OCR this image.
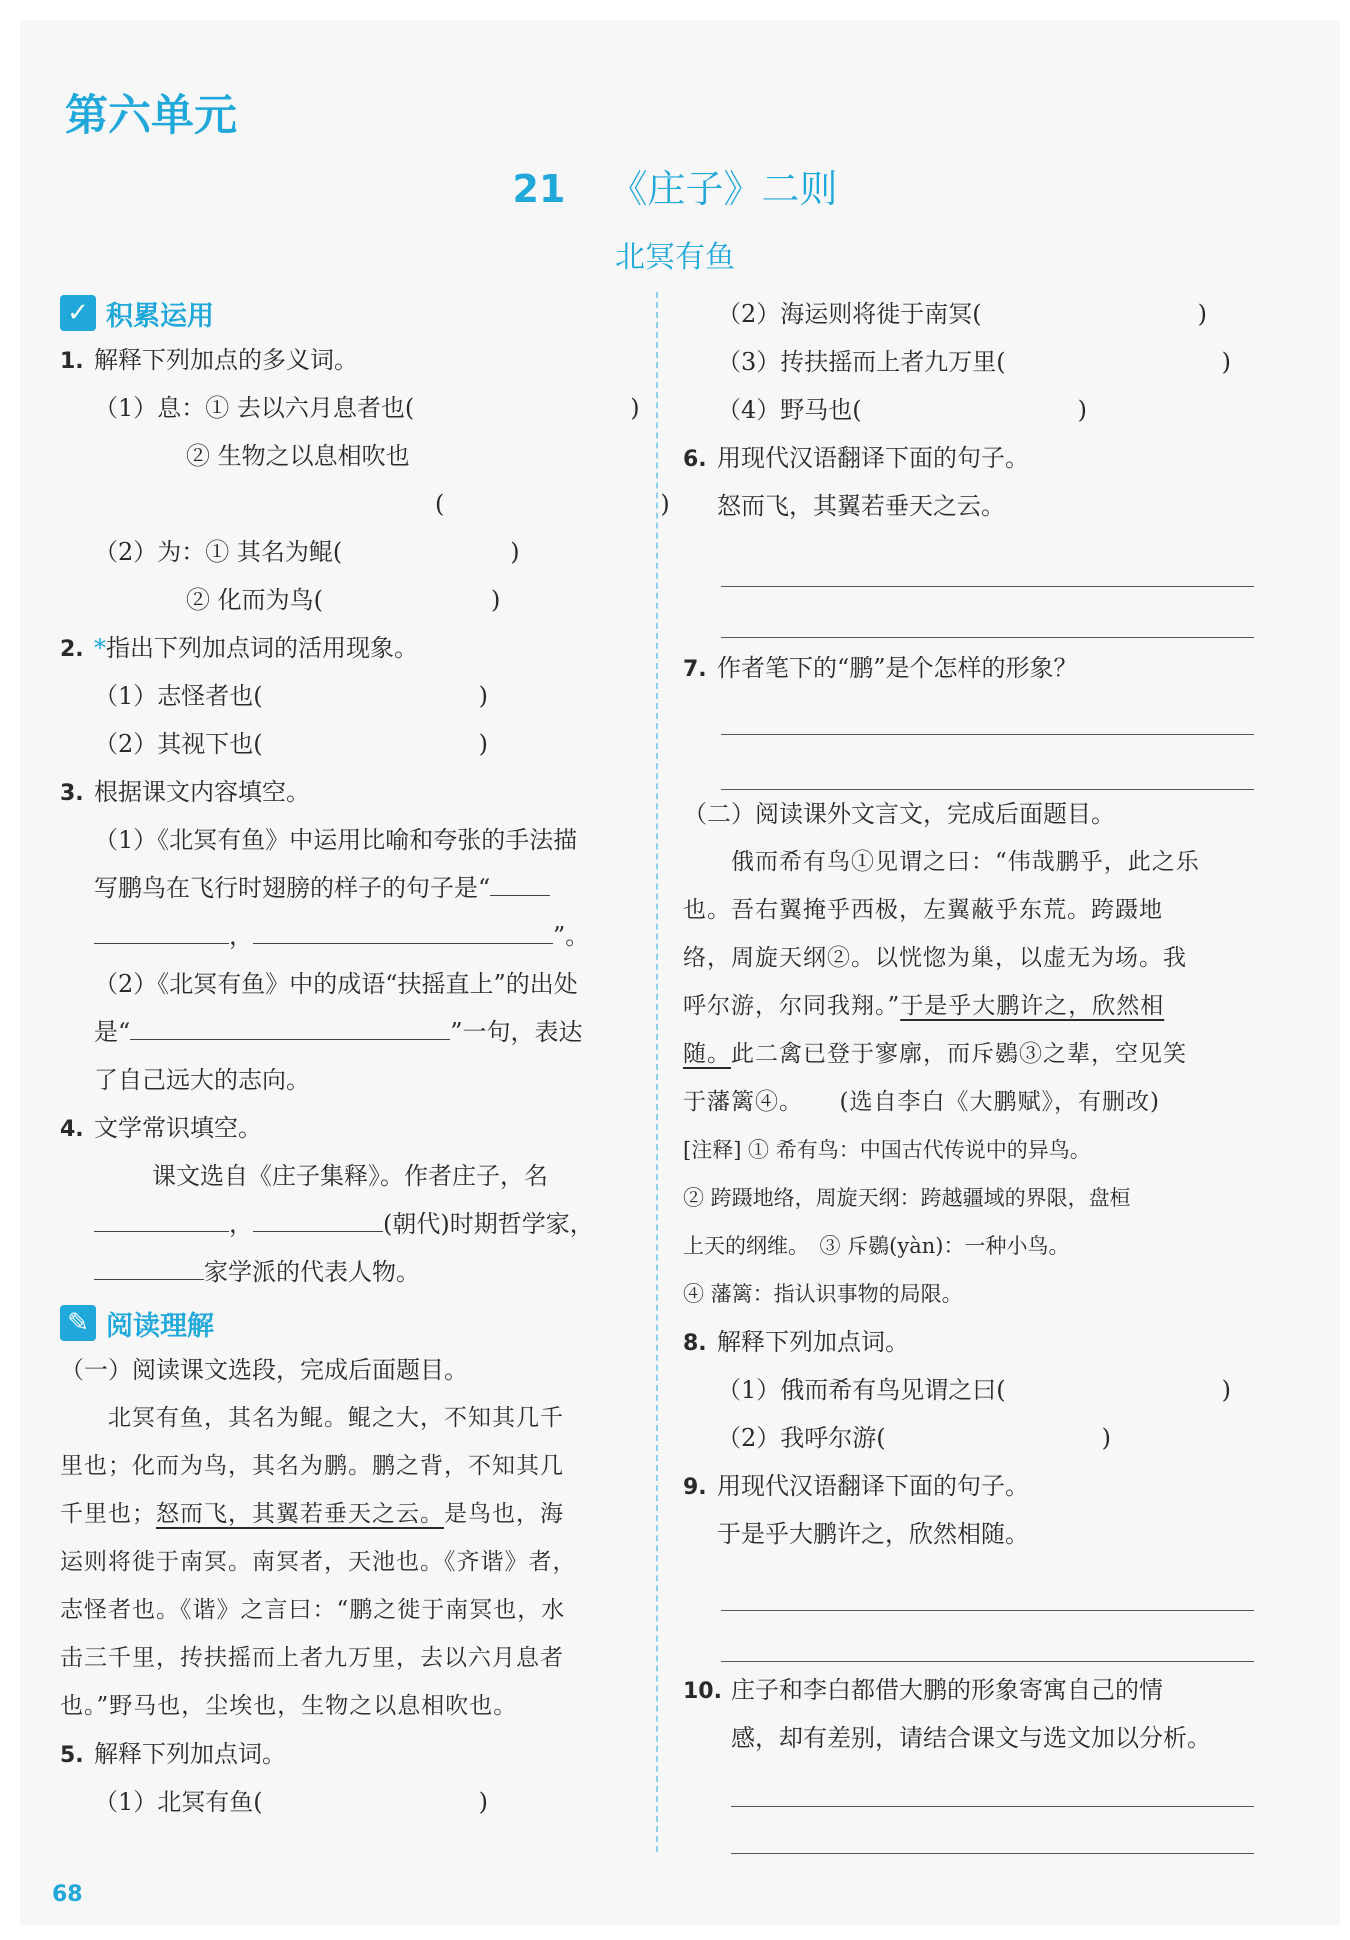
第六单元
21 《庄子》二则
北冥有鱼
✓ 积累运用
1. 解释下列加点的多义词。
（1）息：① 去以六月息者也(　　　　　　　　　)
② 生物之以息相吹也
(　　　　　　　　　)
（2）为：① 其名为鲲(　　　　　　　)
② 化而为鸟(　　　　　　　)
2. *指出下列加点词的活用现象。
（1）志怪者也(　　　　　　　　　)
（2）其视下也(　　　　　　　　　)
3. 根据课文内容填空。
（1）《北冥有鱼》中运用比喻和夸张的手法描
写鹏鸟在飞行时翅膀的样子的句子是“
，	”。
（2）《北冥有鱼》中的成语“扶摇直上”的出处
是“	”一句，表达
了自己远大的志向。
4. 文学常识填空。
课文选自《庄子集释》。作者庄子，名
，	(朝代)时期哲学家，
家学派的代表人物。
✎ 阅读理解
（一）阅读课文选段，完成后面题目。
北冥有鱼，其名为鲲。鲲之大，不知其几千
里也；化而为鸟，其名为鹏。鹏之背，不知其几
千里也；怒而飞，其翼若垂天之云。是鸟也，海
运则将徙于南冥。南冥者，天池也。《齐谐》者，
志怪者也。《谐》之言曰：“鹏之徙于南冥也，水
击三千里，抟扶摇而上者九万里，去以六月息者
也。”野马也，尘埃也，生物之以息相吹也。
5. 解释下列加点词。
（1）北冥有鱼(　　　　　　　　　)
（2）海运则将徙于南冥(　　　　　　　　　)
（3）抟扶摇而上者九万里(　　　　　　　　　)
（4）野马也(　　　　　　　　　)
6. 用现代汉语翻译下面的句子。
怒而飞，其翼若垂天之云。
7. 作者笔下的“鹏”是个怎样的形象？
（二）阅读课外文言文，完成后面题目。
俄而希有鸟①见谓之曰：“伟哉鹏乎，此之乐
也。吾右翼掩乎西极，左翼蔽乎东荒。跨蹑地
络，周旋天纲②。以恍惚为巢，以虚无为场。我
呼尔游，尔同我翔。”于是乎大鹏许之，欣然相
随。此二禽已登于寥廓，而斥鷃③之辈，空见笑
于藩篱④。　　(选自李白《大鹏赋》，有删改)
[注释] ① 希有鸟：中国古代传说中的异鸟。
② 跨蹑地络，周旋天纲：跨越疆域的界限，盘桓
上天的纲维。　③ 斥鷃(yàn)：一种小鸟。
④ 藩篱：指认识事物的局限。
8. 解释下列加点词。
（1）俄而希有鸟见谓之曰(　　　　　　　　　)
（2）我呼尔游(　　　　　　　　　)
9. 用现代汉语翻译下面的句子。
于是乎大鹏许之，欣然相随。
10. 庄子和李白都借大鹏的形象寄寓自己的情
感，却有差别，请结合课文与选文加以分析。
68
